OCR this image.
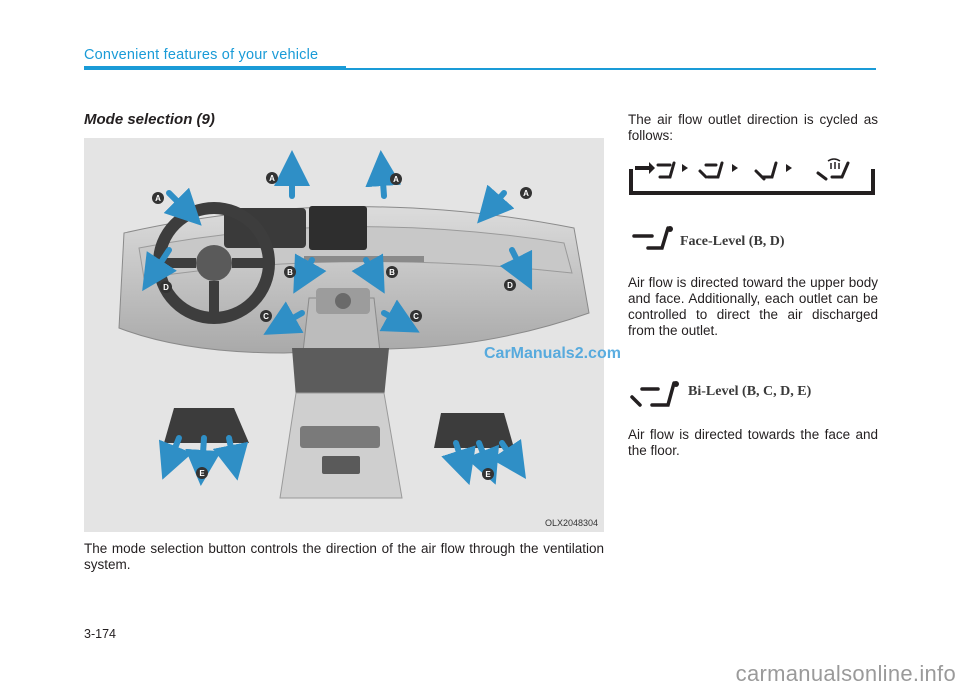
Convenient features of your vehicle
Mode selection (9)
A
A	A
A
B	B
C	C
D	D
E	E
OLX2048304
The mode selection button controls the direction of the air flow through the ventilation system.
The air flow outlet direction is cycled as follows:
Face-Level (B, D)
Air flow is directed toward the upper body and face. Additionally, each outlet can be controlled to direct the air discharged from the outlet.
Bi-Level (B, C, D, E)
Air flow is directed towards the face and the floor.
3-174
CarManuals2.com
carmanualsonline.info
